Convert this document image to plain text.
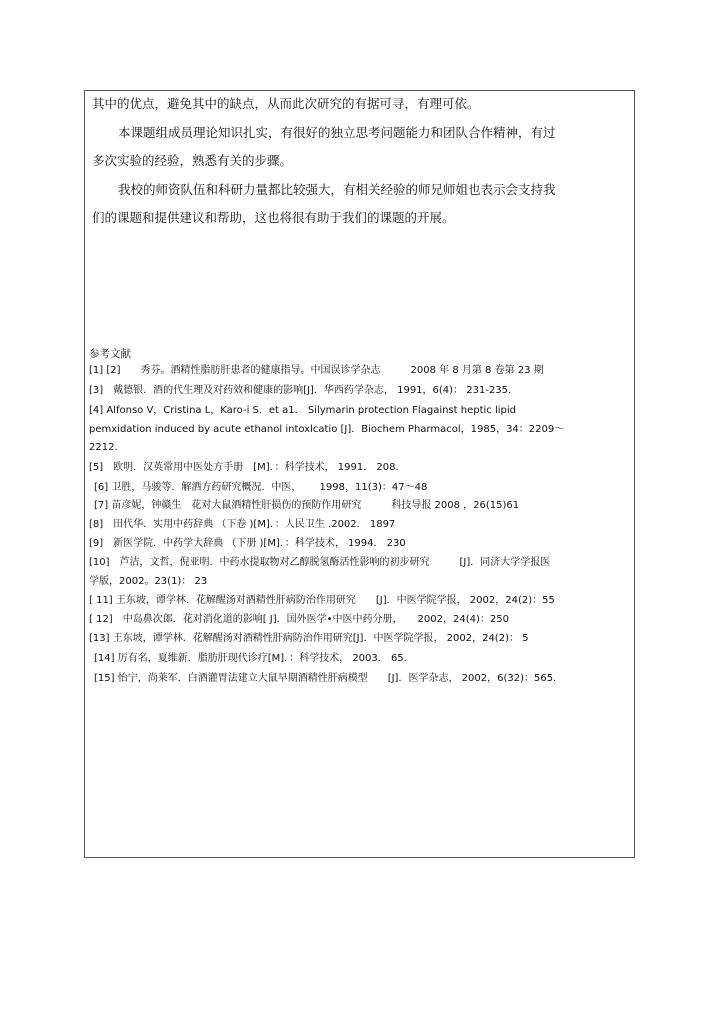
其中的优点，避免其中的缺点，从而此次研究的有据可寻，有理可依。
本课题组成员理论知识扎实，有很好的独立思考问题能力和团队合作精神，有过
多次实验的经验，熟悉有关的步骤。
我校的师资队伍和科研力量都比较强大，有相关经验的师兄师姐也表示会支持我
们的课题和提供建议和帮助，这也将很有助于我们的课题的开展。
参考文献
[1] [2]　　秀芬。酒精性脂肪肝患者的健康指导。中国误诊学杂志　　　2008 年 8 月第 8 卷第 23 期
[3]　戴德银．酒的代生理及对药效和健康的影响[J]．华西药学杂志， 1991，6(4)： 231-235．
[4] Alfonso V，Cristina L，Karo-i S．et a1． Silymarin protection Flagainst heptic lipid
pemxidation induced by acute ethanol intoxlcatio [J]．Biochem Pharmacol，1985，34：2209～
2212.
[5]　欧明．汉英常用中医处方手册　[M]．：科学技术， 1991． 208．
[6] 卫胜，马骏等．解酒方药研究概况．中医，　　 1998，11(3)：47～48
[7] 苗彦妮，钟赣生　花对大鼠酒精性肝损伤的预防作用研究　　　科技导报 2008 ，26(15)61
[8]　田代华．实用中药辞典 （下卷 )[M]．：人民卫生 .2002． 1897
[9]　新医学院．中药学大辞典 （下册 )[M]．：科学技术， 1994． 230
[10]　芦洁，文哲，倪亚明．中药水提取物对乙醇脱氢酶活性影响的初步研究　　　[J]．同济大学学报医
学版，2002。23(1)： 23
[ 11] 王东坡，谭学林．花解醒汤对酒精性肝病防治作用研究　　[J]．中医学院学报， 2002，24(2)：55
[ 12]　中岛鼻次郎．花对消化道的影响[ J]．国外医学•中医中药分册，　　2002，24(4)：250
[13] 王东坡，谭学林．花解醒汤对酒精性肝病防治作用研究[J]．中医学院学报， 2002，24(2)： 5
[14] 厉有名，夏维新．脂肪肝现代诊疗[M]．：科学技术， 2003． 65．
[15] 怡宁，尚莱军．白酒灌胃法建立大鼠早期酒精性肝病模型　　[J]．医学杂志， 2002，6(32)：565．
